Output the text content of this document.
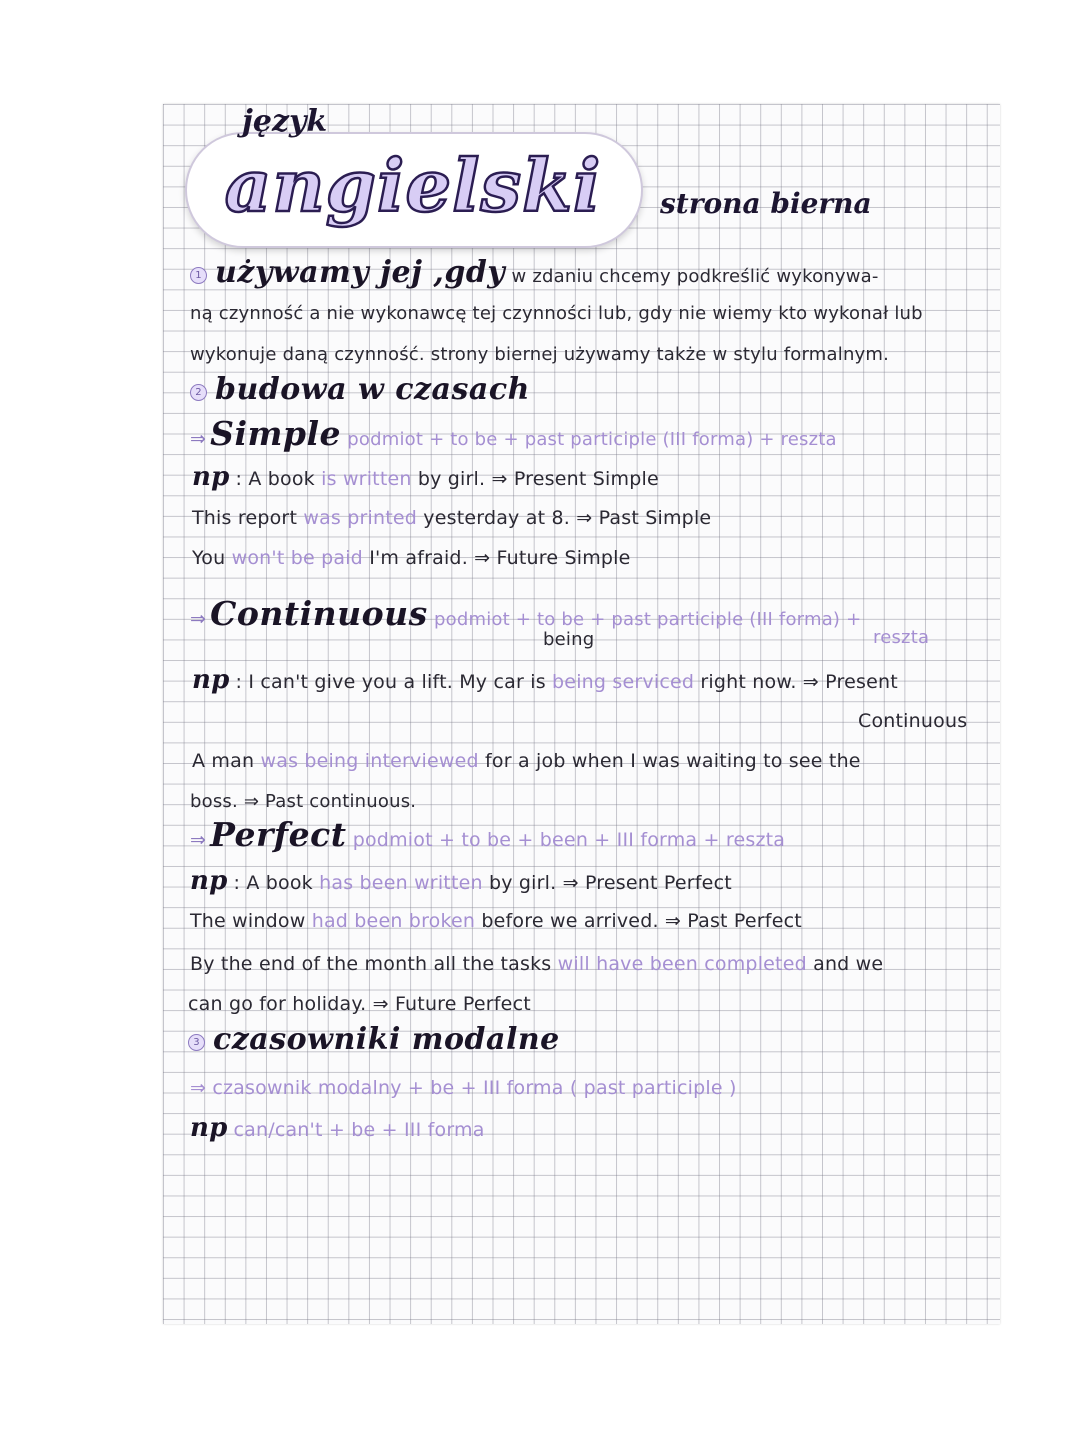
angielski
język
strona bierna
1 używamy jej ,gdy w zdaniu chcemy podkreślić wykonywa-
ną czynność a nie wykonawcę tej czynności lub, gdy nie wiemy kto wykonał lub
wykonuje daną czynność. strony biernej używamy także w stylu formalnym.
2 budowa w czasach
⇒ Simple podmiot + to be + past participle (III forma) + reszta
np : A book is written by girl. ⇒ Present Simple
This report was printed yesterday at 8. ⇒ Past Simple
You won't be paid I'm afraid. ⇒ Future Simple
⇒ Continuous podmiot + to be + past participle (III forma) +
being	reszta
np : I can't give you a lift. My car is being serviced right now. ⇒ Present
Continuous
A man was being interviewed for a job when I was waiting to see the
boss. ⇒ Past continuous.
⇒ Perfect podmiot + to be + been + III forma + reszta
np : A book has been written by girl. ⇒ Present Perfect
The window had been broken before we arrived. ⇒ Past Perfect
By the end of the month all the tasks will have been completed and we
can go for holiday. ⇒ Future Perfect
3 czasowniki modalne
⇒ czasownik modalny + be + III forma ( past participle )
np can/can't + be + III forma
